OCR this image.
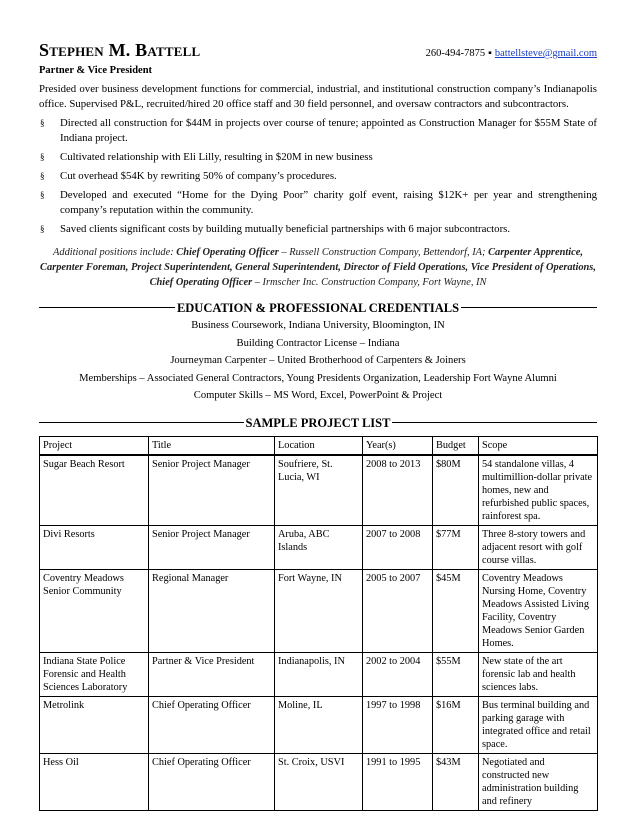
Stephen M. Battell	260-494-7875 ▪ battellsteve@gmail.com
Partner & Vice President
Presided over business development functions for commercial, industrial, and institutional construction company’s Indianapolis office. Supervised P&L, recruited/hired 20 office staff and 30 field personnel, and oversaw contractors and subcontractors.
§ Directed all construction for $44M in projects over course of tenure; appointed as Construction Manager for $55M State of Indiana project.
§ Cultivated relationship with Eli Lilly, resulting in $20M in new business
§ Cut overhead $54K by rewriting 50% of company’s procedures.
§ Developed and executed “Home for the Dying Poor” charity golf event, raising $12K+ per year and strengthening company’s reputation within the community.
§ Saved clients significant costs by building mutually beneficial partnerships with 6 major subcontractors.
Additional positions include: Chief Operating Officer – Russell Construction Company, Bettendorf, IA; Carpenter Apprentice, Carpenter Foreman, Project Superintendent, General Superintendent, Director of Field Operations, Vice President of Operations, Chief Operating Officer – Irmscher Inc. Construction Company, Fort Wayne, IN
EDUCATION & PROFESSIONAL CREDENTIALS
Business Coursework, Indiana University, Bloomington, IN
Building Contractor License – Indiana
Journeyman Carpenter – United Brotherhood of Carpenters & Joiners
Memberships – Associated General Contractors, Young Presidents Organization, Leadership Fort Wayne Alumni
Computer Skills – MS Word, Excel, PowerPoint & Project
SAMPLE PROJECT LIST
Project	Title	Location	Year(s)	Budget	Scope
Sugar Beach Resort	Senior Project Manager	Soufriere, St. Lucia, WI	2008 to 2013	$80M	54 standalone villas, 4 multimillion-dollar private homes, new and refurbished public spaces, rainforest spa.
Divi Resorts	Senior Project Manager	Aruba, ABC Islands	2007 to 2008	$77M	Three 8-story towers and adjacent resort with golf course villas.
Coventry Meadows Senior Community	Regional Manager	Fort Wayne, IN	2005 to 2007	$45M	Coventry Meadows Nursing Home, Coventry Meadows Assisted Living Facility, Coventry Meadows Senior Garden Homes.
Indiana State Police Forensic and Health Sciences Laboratory	Partner & Vice President	Indianapolis, IN	2002 to 2004	$55M	New state of the art forensic lab and health sciences labs.
Metrolink	Chief Operating Officer	Moline, IL	1997 to 1998	$16M	Bus terminal building and parking garage with integrated office and retail space.
Hess Oil	Chief Operating Officer	St. Croix, USVI	1991 to 1995	$43M	Negotiated and constructed new administration building and refinery
